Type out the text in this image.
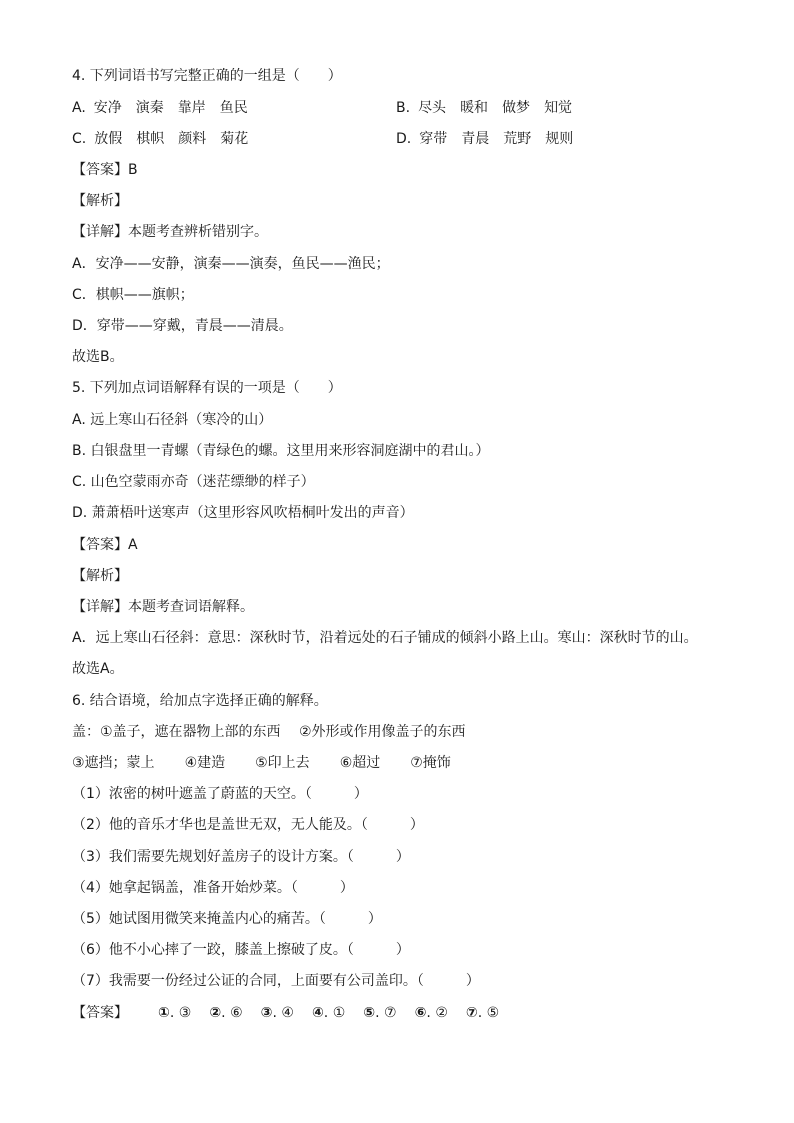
4. 下列词语书写完整正确的一组是（　　）
A. 安净 演秦 靠岸 鱼民	B. 尽头 暖和 做梦 知觉
C. 放假 棋帜 颜料 菊花	D. 穿带 青晨 荒野 规则
【答案】B
【解析】
【详解】本题考查辨析错别字。
A．安净——安静，演秦——演奏，鱼民——渔民；
C．棋帜——旗帜；
D．穿带——穿戴，青晨——清晨。
故选B。
5. 下列加点词语解释有误的一项是（　　）
A. 远上寒山石径斜（寒冷的山）
B. 白银盘里一青螺（青绿色的螺。这里用来形容洞庭湖中的君山。）
C. 山色空蒙雨亦奇（迷茫缥缈的样子）
D. 萧萧梧叶送寒声（这里形容风吹梧桐叶发出的声音）
【答案】A
【解析】
【详解】本题考查词语解释。
A．远上寒山石径斜：意思：深秋时节，沿着远处的石子铺成的倾斜小路上山。寒山：深秋时节的山。
故选A。
6. 结合语境，给加点字选择正确的解释。
盖：①盖子，遮在器物上部的东西　 ②外形或作用像盖子的东西
③遮挡；蒙上 ④建造 ⑤印上去 ⑥超过 ⑦掩饰
（1）浓密的树叶遮盖了蔚蓝的天空。（　　　）
（2）他的音乐才华也是盖世无双，无人能及。（　　　）
（3）我们需要先规划好盖房子的设计方案。（　　　）
（4）她拿起锅盖，准备开始炒菜。（　　　）
（5）她试图用微笑来掩盖内心的痛苦。（　　　）
（6）他不小心摔了一跤，膝盖上擦破了皮。（　　　）
（7）我需要一份经过公证的合同，上面要有公司盖印。（　　　）
【答案】 ①. ③ ②. ⑥ ③. ④ ④. ① ⑤. ⑦ ⑥. ② ⑦. ⑤
